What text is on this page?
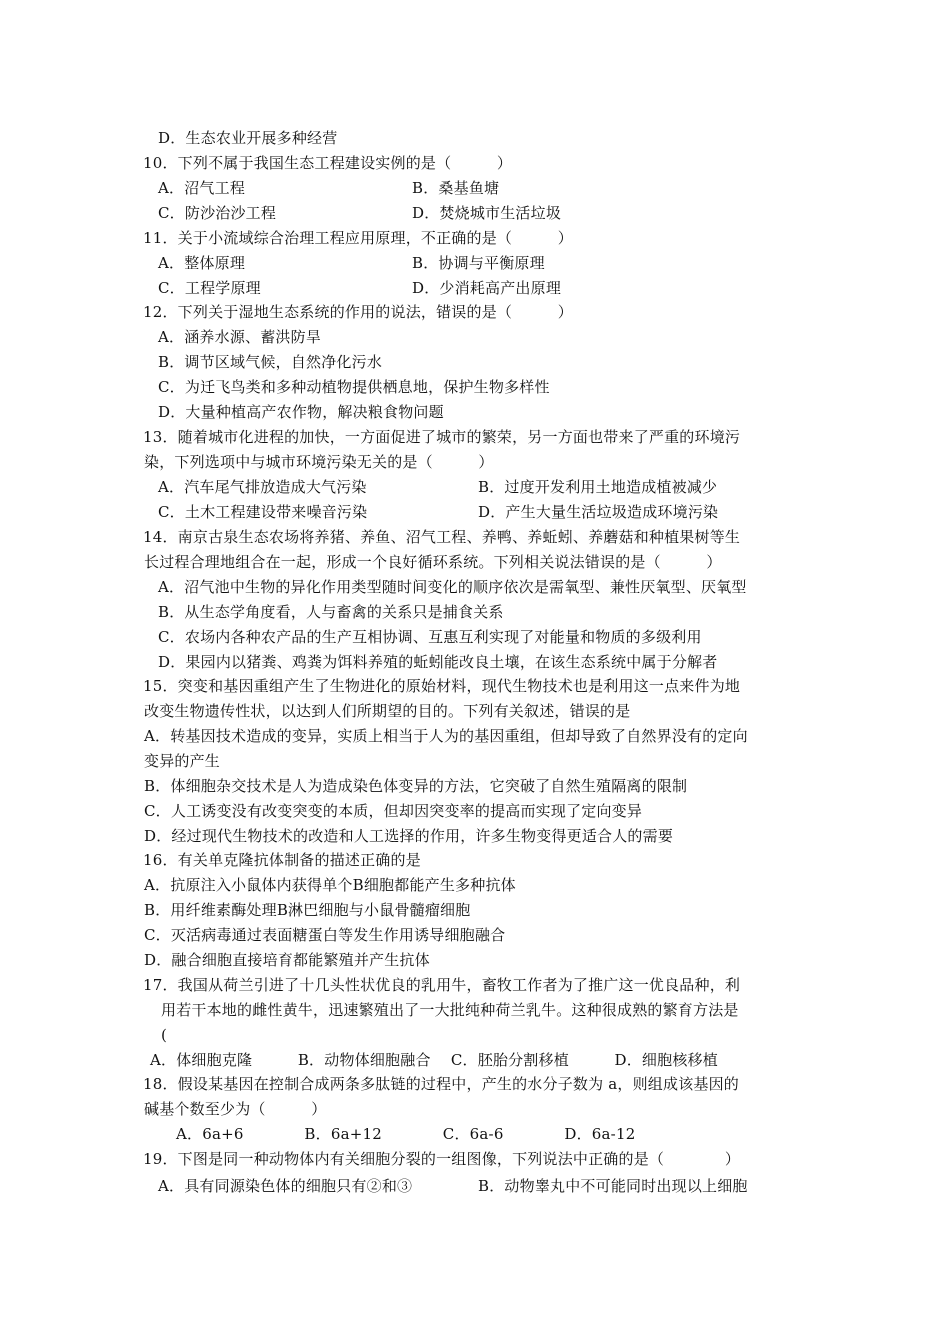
D．生态农业开展多种经营
10．下列不属于我国生态工程建设实例的是（　　　）
A．沼气工程	B．桑基鱼塘
C．防沙治沙工程	D．焚烧城市生活垃圾
11．关于小流域综合治理工程应用原理，不正确的是（　　　）
A．整体原理	B．协调与平衡原理
C．工程学原理	D．少消耗高产出原理
12．下列关于湿地生态系统的作用的说法，错误的是（　　　）
A．涵养水源、蓄洪防旱
B．调节区域气候，自然净化污水
C．为迁飞鸟类和多种动植物提供栖息地，保护生物多样性
D．大量种植高产农作物，解决粮食物问题
13．随着城市化进程的加快，一方面促进了城市的繁荣，另一方面也带来了严重的环境污
染，下列选项中与城市环境污染无关的是（　　　）
A．汽车尾气排放造成大气污染	B．过度开发利用土地造成植被减少
C．土木工程建设带来噪音污染	D．产生大量生活垃圾造成环境污染
14．南京古泉生态农场将养猪、养鱼、沼气工程、养鸭、养蚯蚓、养蘑菇和种植果树等生
长过程合理地组合在一起，形成一个良好循环系统。下列相关说法错误的是（　　　）
A．沼气池中生物的异化作用类型随时间变化的顺序依次是需氧型、兼性厌氧型、厌氧型
B．从生态学角度看，人与畜禽的关系只是捕食关系
C．农场内各种农产品的生产互相协调、互惠互利实现了对能量和物质的多级利用
D．果园内以猪粪、鸡粪为饵料养殖的蚯蚓能改良土壤，在该生态系统中属于分解者
15．突变和基因重组产生了生物进化的原始材料，现代生物技术也是利用这一点来件为地
改变生物遗传性状，以达到人们所期望的目的。下列有关叙述，错误的是
A．转基因技术造成的变异，实质上相当于人为的基因重组，但却导致了自然界没有的定向
变异的产生
B．体细胞杂交技术是人为造成染色体变异的方法，它突破了自然生殖隔离的限制
C．人工诱变没有改变突变的本质，但却因突变率的提高而实现了定向变异
D．经过现代生物技术的改造和人工选择的作用，许多生物变得更适合人的需要
16．有关单克隆抗体制备的描述正确的是
A．抗原注入小鼠体内获得单个B细胞都能产生多种抗体
B．用纤维素酶处理B淋巴细胞与小鼠骨髓瘤细胞
C．灭活病毒通过表面糖蛋白等发生作用诱导细胞融合
D．融合细胞直接培育都能繁殖并产生抗体
17．我国从荷兰引进了十几头性状优良的乳用牛，畜牧工作者为了推广这一优良品种，利
用若干本地的雌性黄牛，迅速繁殖出了一大批纯种荷兰乳牛。这种很成熟的繁育方法是
(
A．体细胞克隆　　　B．动物体细胞融合　 C．胚胎分割移植　　　D．细胞核移植
18．假设某基因在控制合成两条多肽链的过程中，产生的水分子数为 a，则组成该基因的
碱基个数至少为（　　　）
A．6a+6　　　　B．6a+12　　　　C．6a-6　　　　D．6a-12
19．下图是同一种动物体内有关细胞分裂的一组图像，下列说法中正确的是（　　　　）
A．具有同源染色体的细胞只有②和③	B．动物睾丸中不可能同时出现以上细胞
